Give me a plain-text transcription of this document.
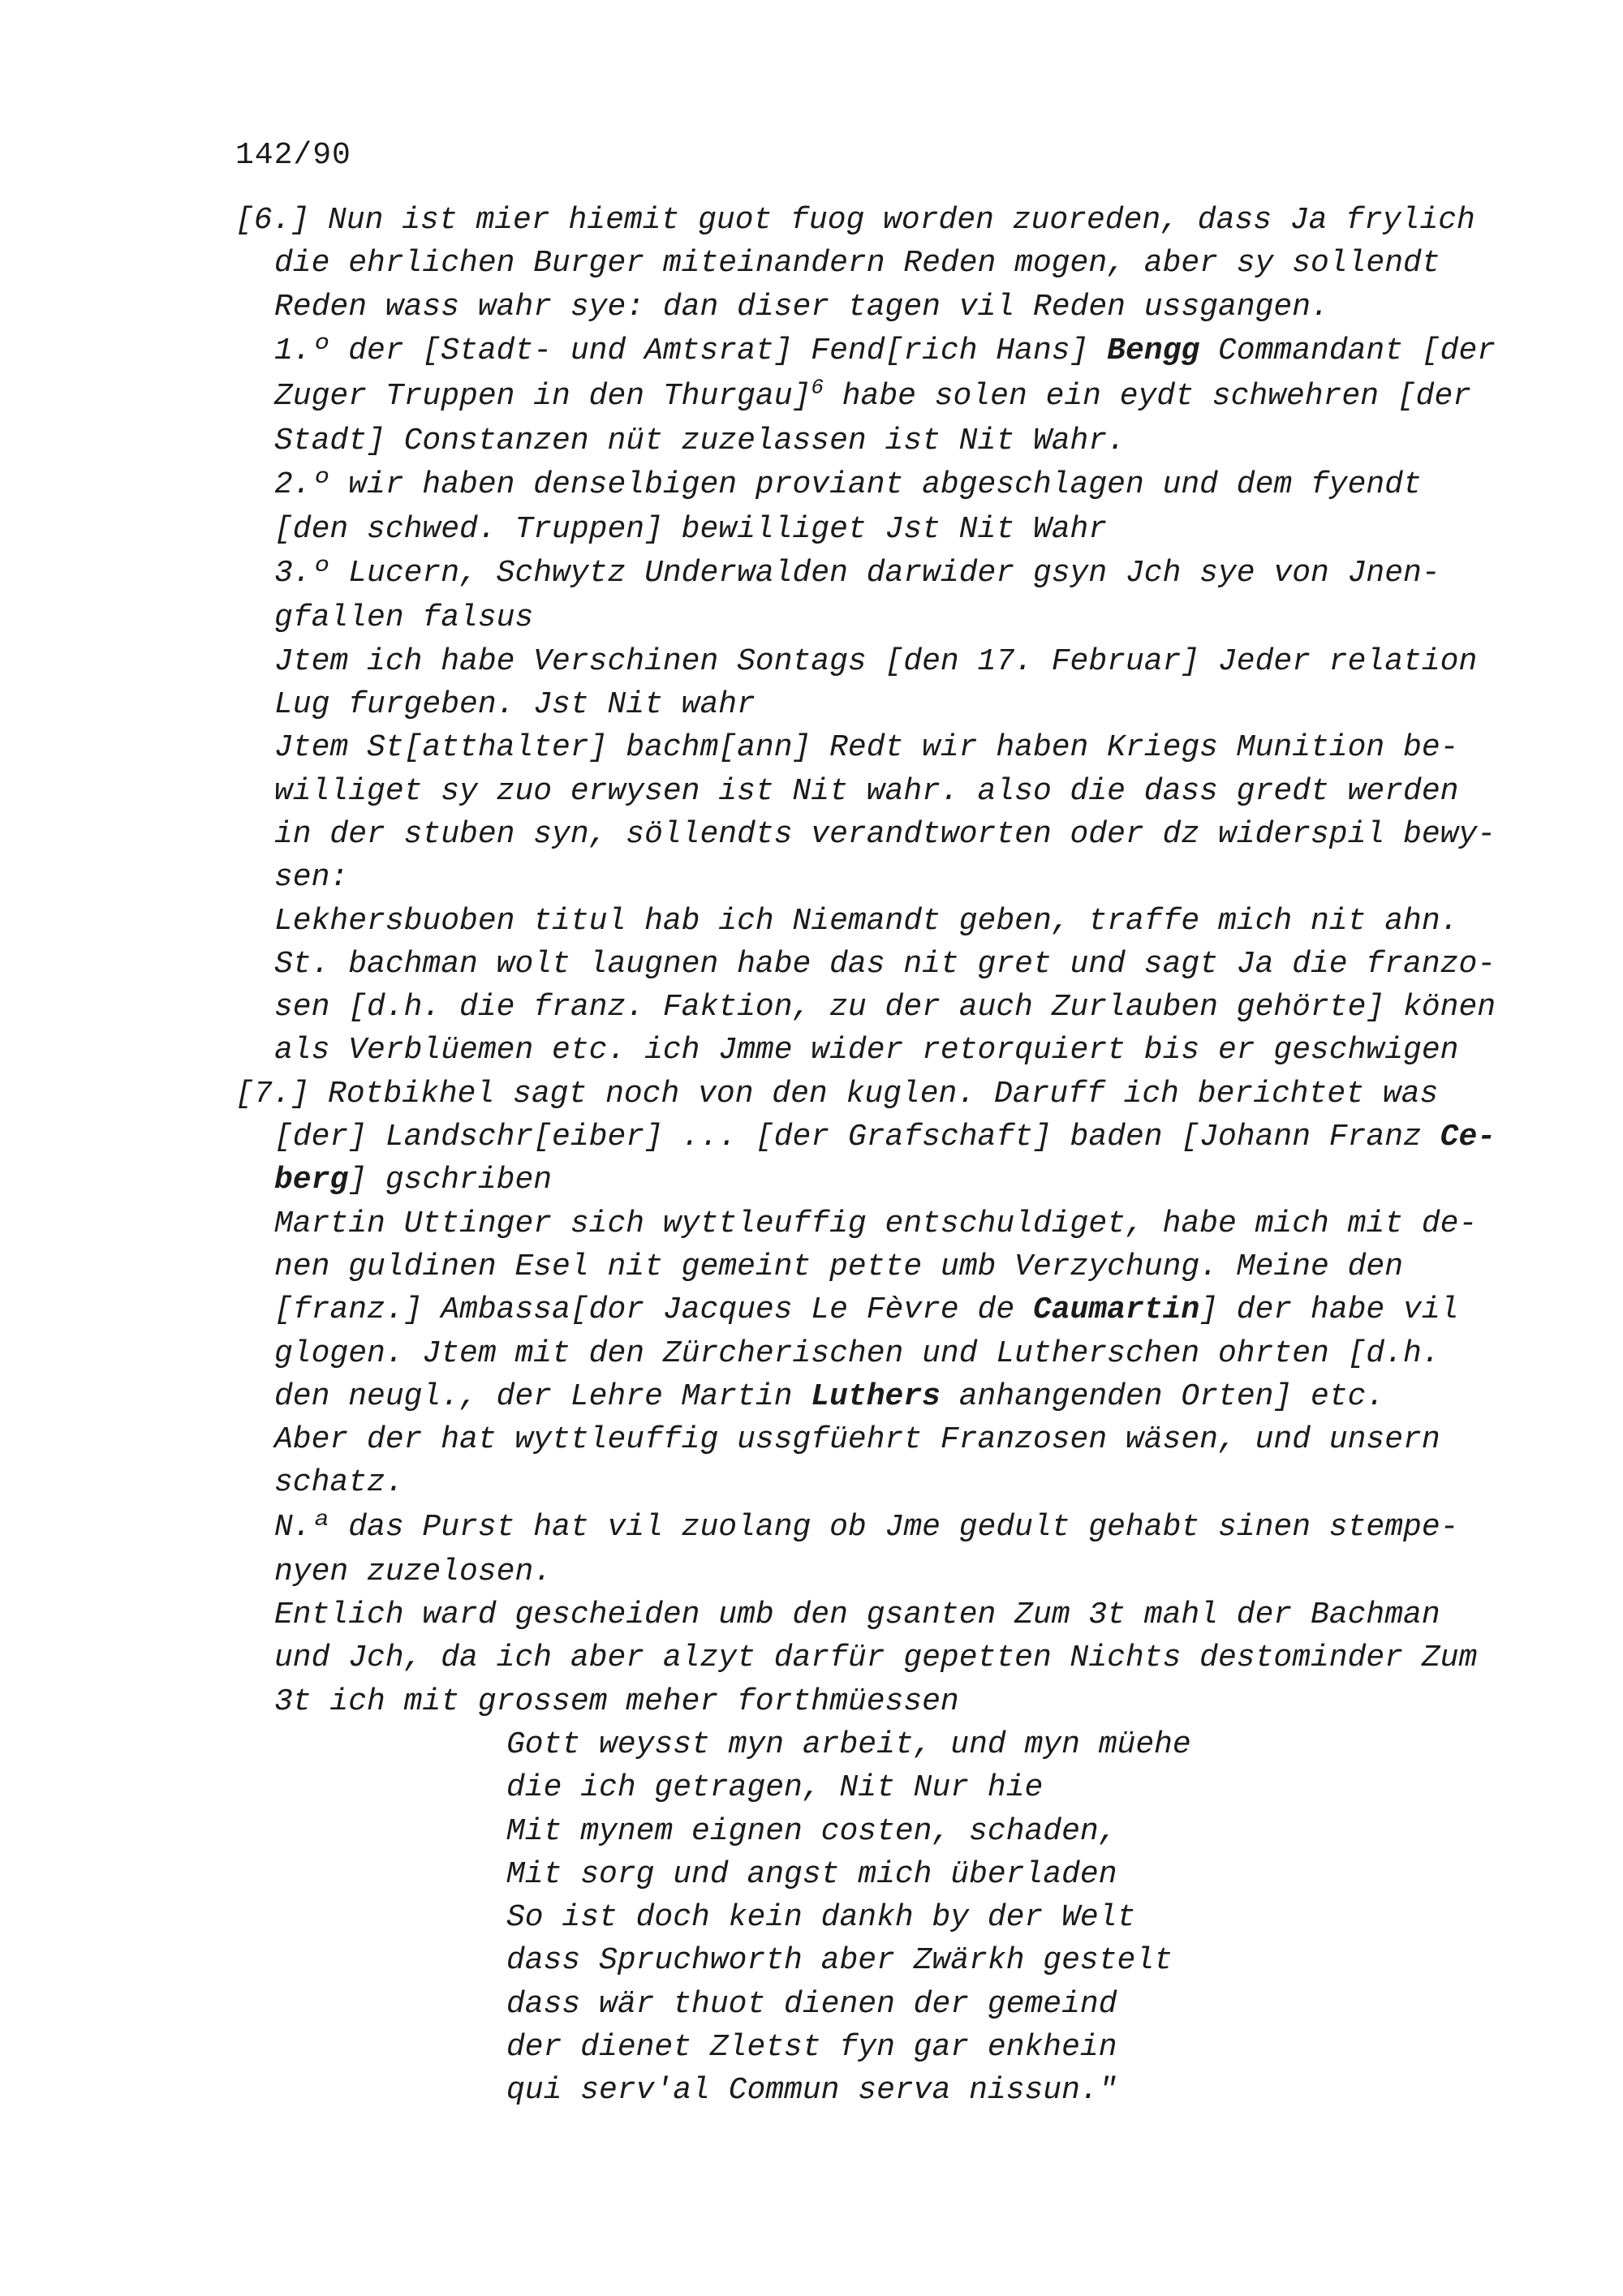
142/90
[6.] Nun ist mier hiemit guot fuog worden zuoreden, dass Ja frylich
die ehrlichen Burger miteinandern Reden mogen, aber sy sollendt
Reden wass wahr sye: dan diser tagen vil Reden ussgangen.
1.º der [Stadt- und Amtsrat] Fend[rich Hans] Bengg Commandant [der
Zuger Truppen in den Thurgau]$^6$ habe solen ein eydt schwehren [der
Stadt] Constanzen nüt zuzelassen ist Nit Wahr.
2.º wir haben denselbigen proviant abgeschlagen und dem fyendt
[den schwed. Truppen] bewilliget Jst Nit Wahr
3.º Lucern, Schwytz Underwalden darwider gsyn Jch sye von Jnen-
gfallen falsus
Jtem ich habe Verschinen Sontags [den 17. Februar] Jeder relation
Lug furgeben. Jst Nit wahr
Jtem St[atthalter] bachm[ann] Redt wir haben Kriegs Munition be-
williget sy zuo erwysen ist Nit wahr. also die dass gredt werden
in der stuben syn, söllendts verandtworten oder dz widerspil bewy-
sen:
Lekhersbuoben titul hab ich Niemandt geben, traffe mich nit ahn.
St. bachman wolt laugnen habe das nit gret und sagt Ja die franzo-
sen [d.h. die franz. Faktion, zu der auch Zurlauben gehörte] könen
als Verblüemen etc. ich Jmme wider retorquiert bis er geschwigen
[7.] Rotbikhel sagt noch von den kuglen. Daruff ich berichtet was
[der] Landschr[eiber] ... [der Grafschaft] baden [Johann Franz Ce-
berg] gschriben
Martin Uttinger sich wyttleuffig entschuldiget, habe mich mit de-
nen guldinen Esel nit gemeint pette umb Verzychung. Meine den
[franz.] Ambassa[dor Jacques Le Fèvre de Caumartin] der habe vil
glogen. Jtem mit den Zürcherischen und Lutherschen ohrten [d.h.
den neugl., der Lehre Martin Luthers anhangenden Orten] etc.
Aber der hat wyttleuffig ussgfüehrt Franzosen wäsen, und unsern
schatz.
N.ª das Purst hat vil zuolang ob Jme gedult gehabt sinen stempe-
nyen zuzelosen.
Entlich ward gescheiden umb den gsanten Zum 3t mahl der Bachman
und Jch, da ich aber alzyt darfür gepetten Nichts destominder Zum
3t ich mit grossem meher forthmüessen
Gott weysst myn arbeit, und myn müehe
die ich getragen, Nit Nur hie
Mit mynem eignen costen, schaden,
Mit sorg und angst mich überladen
So ist doch kein dankh by der Welt
dass Spruchworth aber Zwärkh gestelt
dass wär thuot dienen der gemeind
der dienet Zletst fyn gar enkhein
qui serv'al Commun serva nissun."
